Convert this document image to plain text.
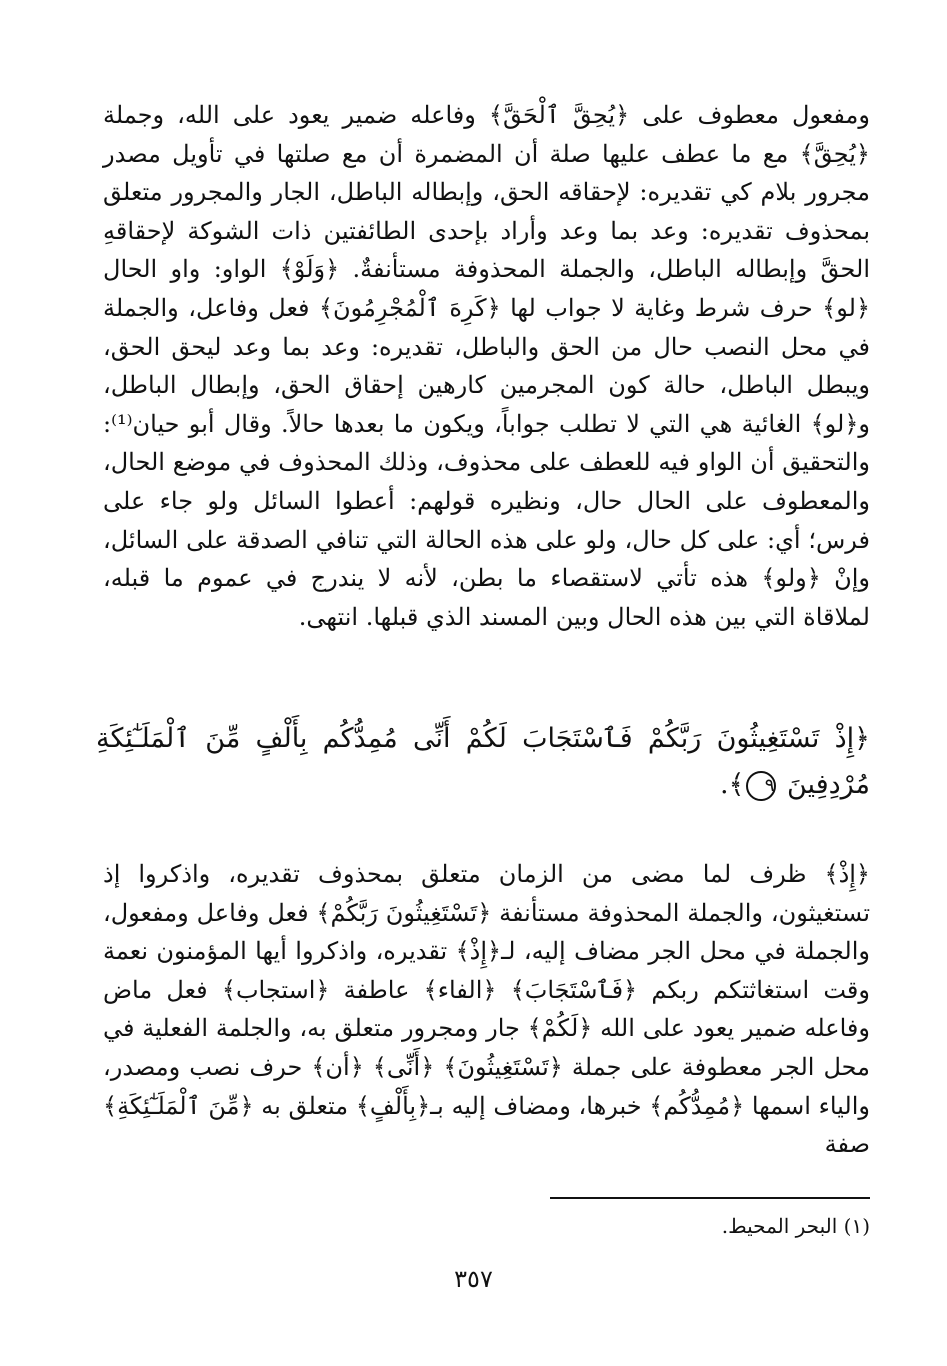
ومفعول معطوف على ﴿يُحِقَّ ٱلْحَقَّ﴾ وفاعله ضمير يعود على الله، وجملة ﴿يُحِقَّ﴾ مع ما عطف عليها صلة أن المضمرة أن مع صلتها في تأويل مصدر مجرور بلام كي تقديره: لإحقاقه الحق، وإبطاله الباطل، الجار والمجرور متعلق بمحذوف تقديره: وعد بما وعد وأراد بإحدى الطائفتين ذات الشوكة لإحقاقهِ الحقَّ وإبطاله الباطل، والجملة المحذوفة مستأنفةٌ. ﴿وَلَوْ﴾ الواو: واو الحال ﴿لو﴾ حرف شرط وغاية لا جواب لها ﴿كَرِهَ ٱلْمُجْرِمُونَ﴾ فعل وفاعل، والجملة في محل النصب حال من الحق والباطل، تقديره: وعد بما وعد ليحق الحق، ويبطل الباطل، حالة كون المجرمين كارهين إحقاق الحق، وإبطال الباطل، و﴿لو﴾ الغائية هي التي لا تطلب جواباً، ويكون ما بعدها حالاً. وقال أبو حيان⁽¹⁾: والتحقيق أن الواو فيه للعطف على محذوف، وذلك المحذوف في موضع الحال، والمعطوف على الحال حال، ونظيره قولهم: أعطوا السائل ولو جاء على فرس؛ أي: على كل حال، ولو على هذه الحالة التي تنافي الصدقة على السائل، وإنْ ﴿ولو﴾ هذه تأتي لاستقصاء ما بطن، لأنه لا يندرج في عموم ما قبله، لملاقاة التي بين هذه الحال وبين المسند الذي قبلها. انتهى.

﴿إِذْ تَسْتَغِيثُونَ رَبَّكُمْ فَٱسْتَجَابَ لَكُمْ أَنِّى مُمِدُّكُم بِأَلْفٍ مِّنَ ٱلْمَلَـٰٓئِكَةِ مُرْدِفِينَ ٩﴾.

﴿إِذْ﴾ ظرف لما مضى من الزمان متعلق بمحذوف تقديره، واذكروا إذ تستغيثون، والجملة المحذوفة مستأنفة ﴿تَسْتَغِيثُونَ رَبَّكُمْ﴾ فعل وفاعل ومفعول، والجملة في محل الجر مضاف إليه، لـ﴿إِذْ﴾ تقديره، واذكروا أيها المؤمنون نعمة وقت استغاثتكم ربكم ﴿فَٱسْتَجَابَ﴾ ﴿الفاء﴾ عاطفة ﴿استجاب﴾ فعل ماض وفاعله ضمير يعود على الله ﴿لَكُمْ﴾ جار ومجرور متعلق به، والجلمة الفعلية في محل الجر معطوفة على جملة ﴿تَسْتَغِيثُونَ﴾ ﴿أَنِّى﴾ ﴿أن﴾ حرف نصب ومصدر، والياء اسمها ﴿مُمِدُّكُم﴾ خبرها، ومضاف إليه بـ﴿بِأَلْفٍ﴾ متعلق به ﴿مِّنَ ٱلْمَلَـٰٓئِكَةِ﴾ صفة

(١) البحر المحيط.

٣٥٧
